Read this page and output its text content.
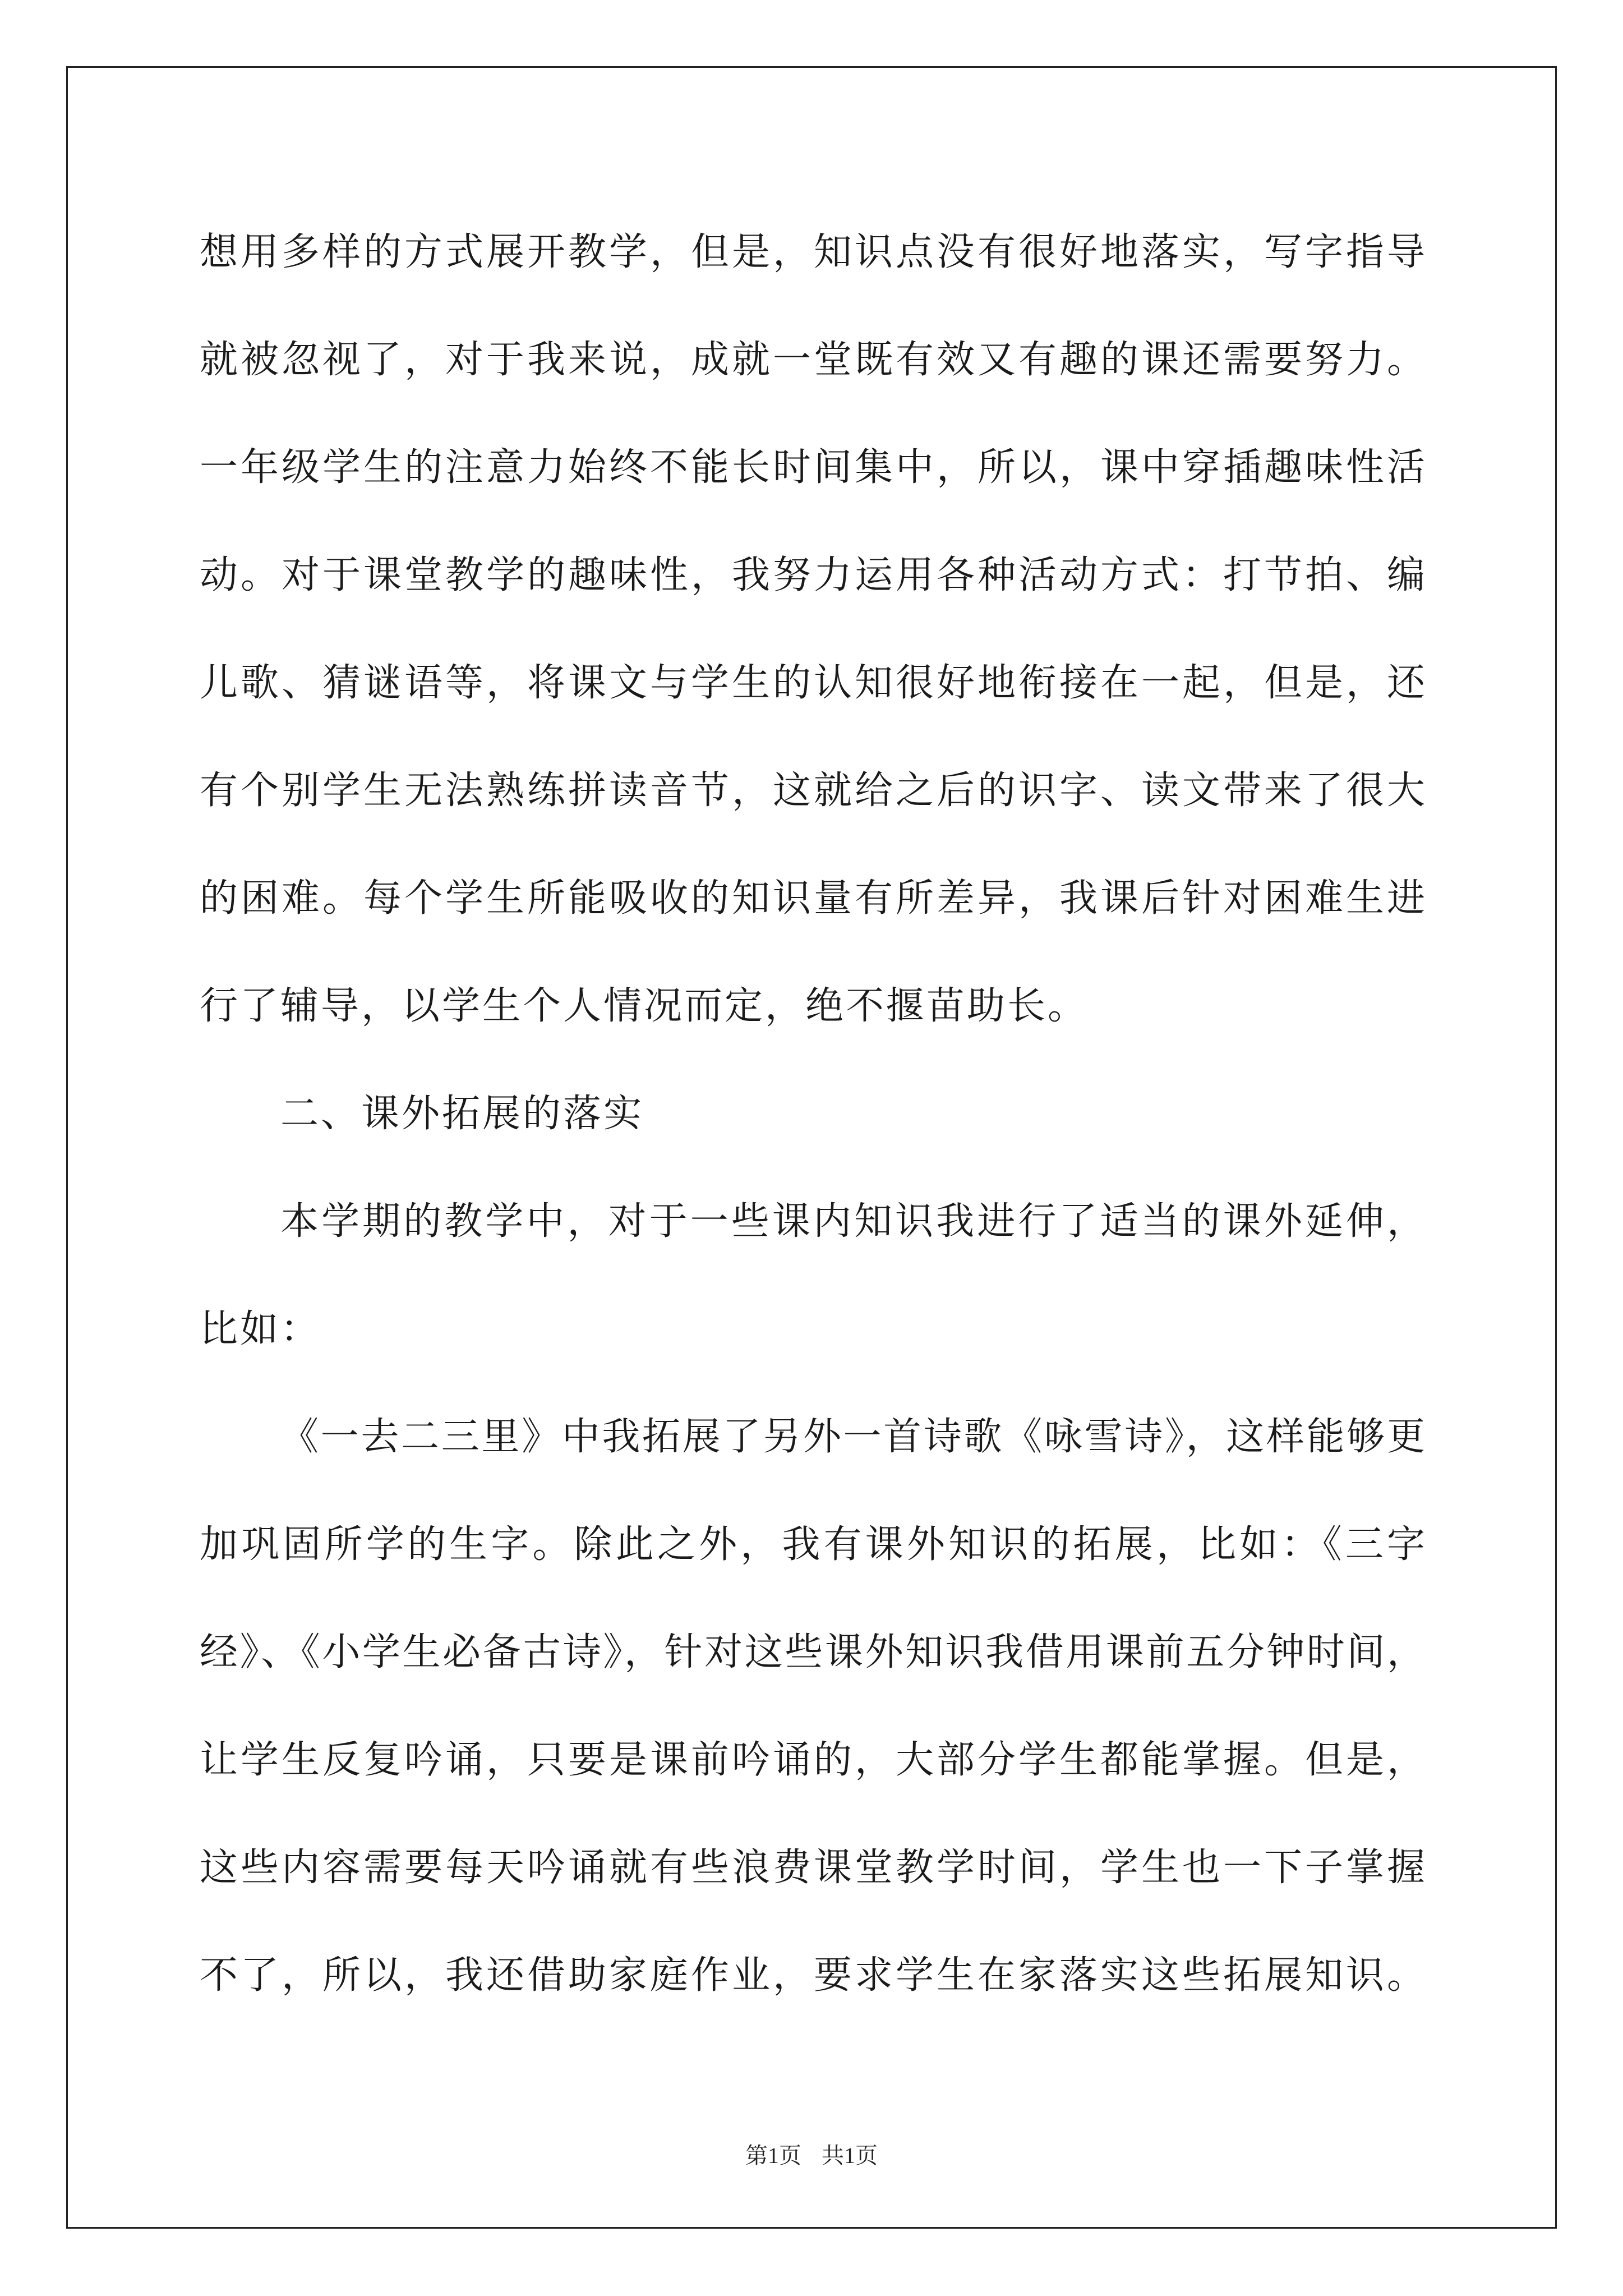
想用多样的方式展开教学，但是，知识点没有很好地落实，写字指导
就被忽视了，对于我来说，成就一堂既有效又有趣的课还需要努力。
一年级学生的注意力始终不能长时间集中，所以，课中穿插趣味性活
动。对于课堂教学的趣味性，我努力运用各种活动方式：打节拍、编
儿歌、猜谜语等，将课文与学生的认知很好地衔接在一起，但是，还
有个别学生无法熟练拼读音节，这就给之后的识字、读文带来了很大
的困难。每个学生所能吸收的知识量有所差异，我课后针对困难生进
行了辅导，以学生个人情况而定，绝不揠苗助长。
二、课外拓展的落实
本学期的教学中，对于一些课内知识我进行了适当的课外延伸，
比如：
《一去二三里》中我拓展了另外一首诗歌《咏雪诗》，这样能够更
加巩固所学的生字。除此之外，我有课外知识的拓展，比如：《三字
经》、《小学生必备古诗》，针对这些课外知识我借用课前五分钟时间，
让学生反复吟诵，只要是课前吟诵的，大部分学生都能掌握。但是，
这些内容需要每天吟诵就有些浪费课堂教学时间，学生也一下子掌握
不了，所以，我还借助家庭作业，要求学生在家落实这些拓展知识。
第1页 共1页
